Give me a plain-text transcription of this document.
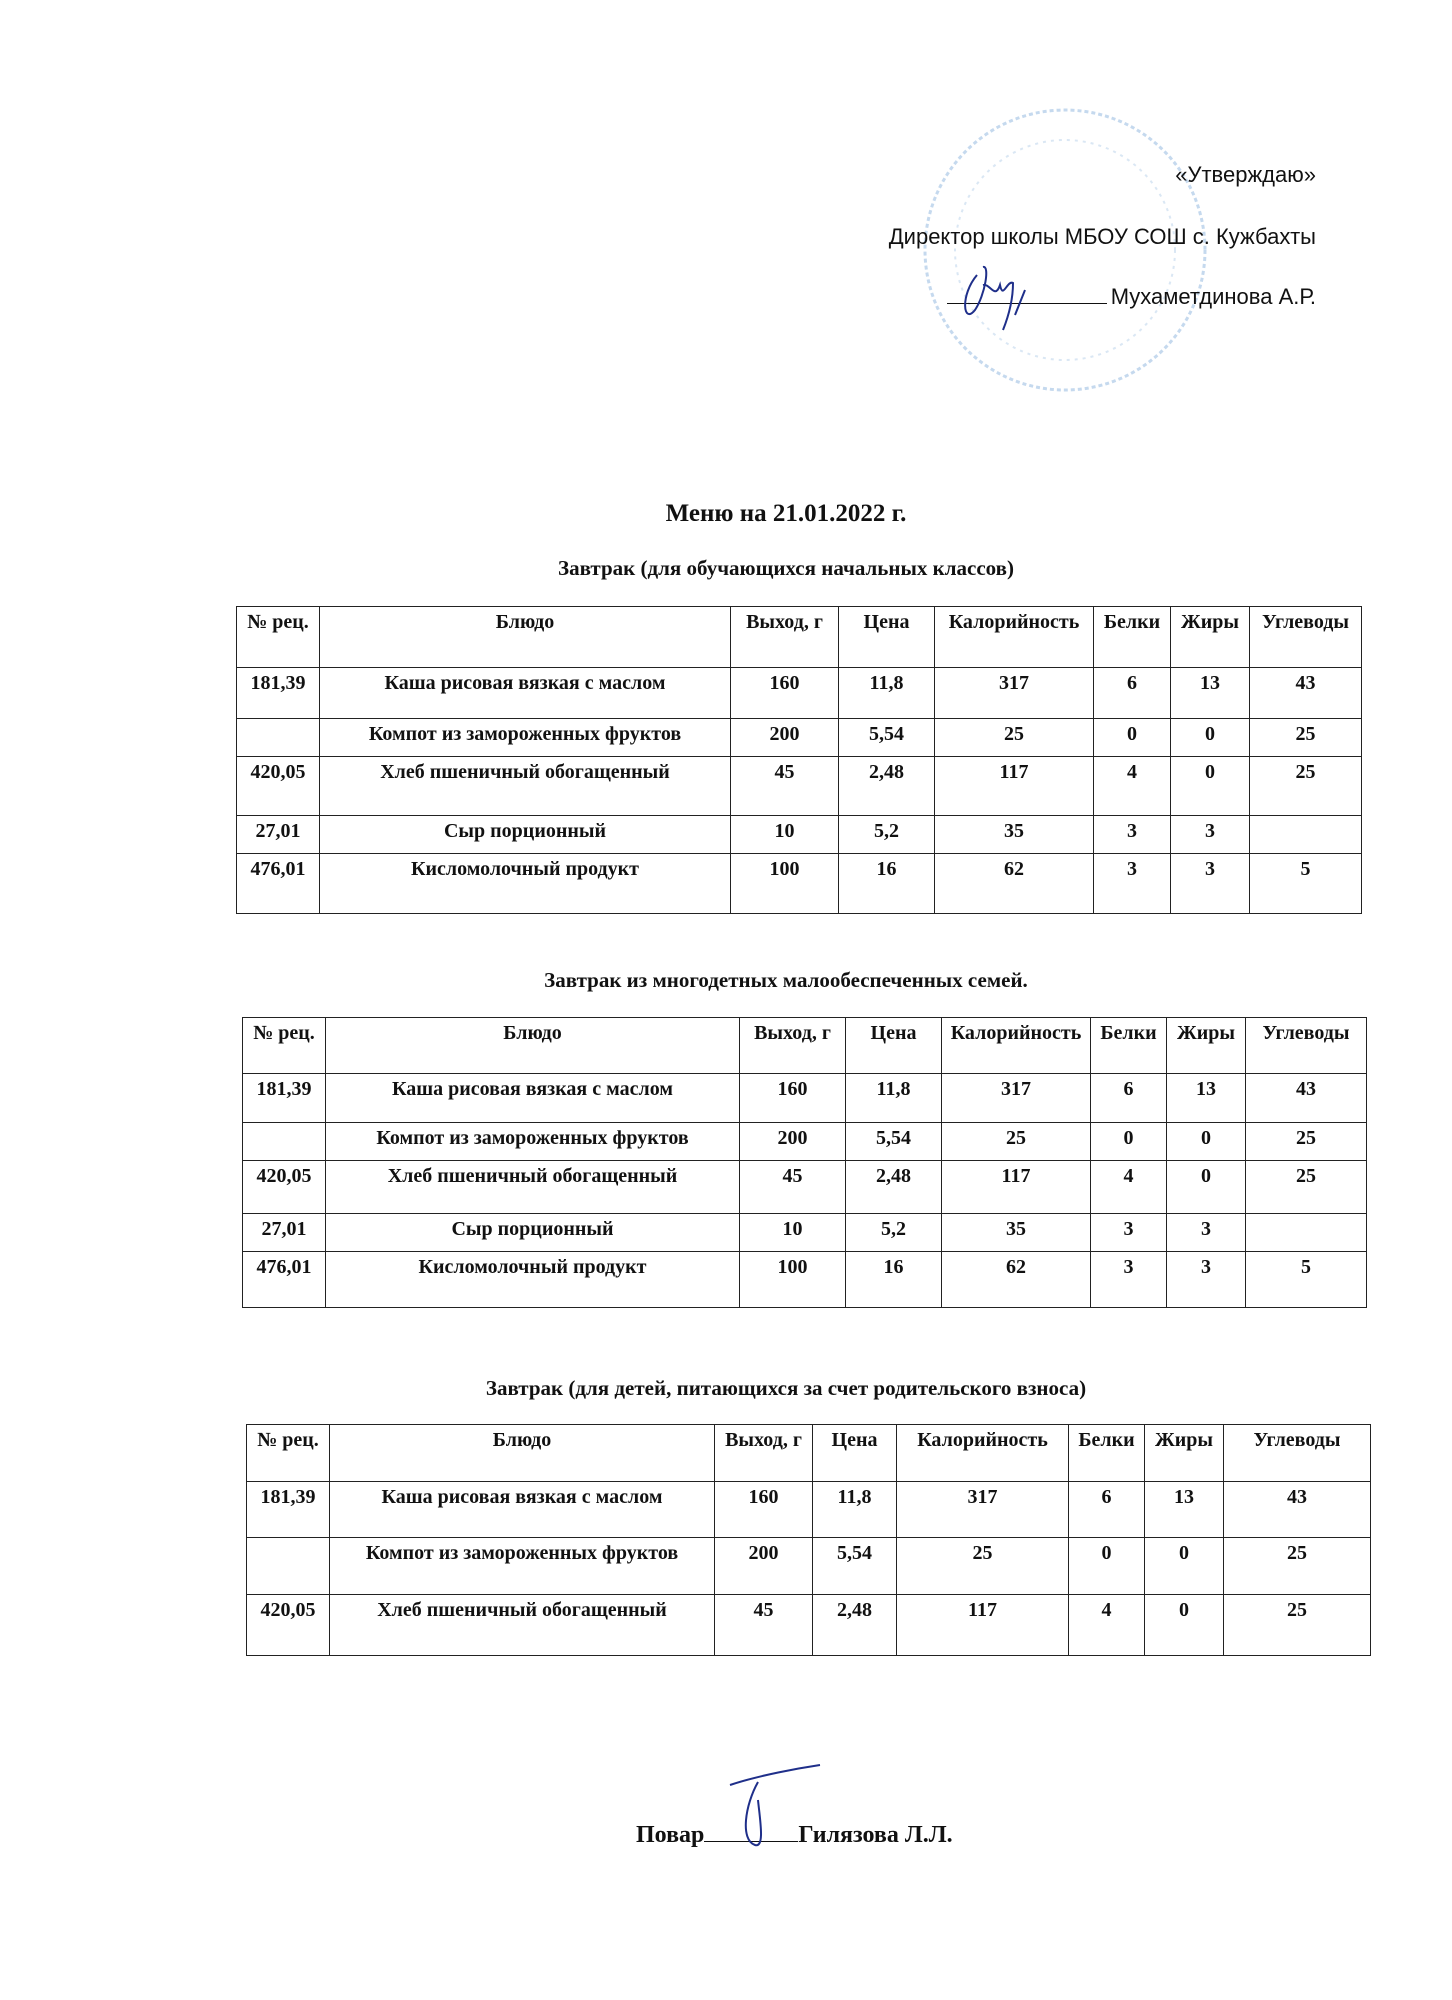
«Утверждаю»
Директор школы МБОУ СОШ с. Кужбахты
Мухаметдинова А.Р.
Меню на 21.01.2022 г.
Завтрак (для обучающихся начальных классов)
№ рец.	Блюдо	Выход, г	Цена	Калорийность	Белки	Жиры	Углеводы
181,39	Каша рисовая вязкая с маслом	160	11,8	317	6	13	43
	Компот из замороженных фруктов	200	5,54	25	0	0	25
420,05	Хлеб пшеничный обогащенный	45	2,48	117	4	0	25
27,01	Сыр порционный	10	5,2	35	3	3	
476,01	Кисломолочный продукт	100	16	62	3	3	5
Завтрак из многодетных малообеспеченных семей.
№ рец.	Блюдо	Выход, г	Цена	Калорийность	Белки	Жиры	Углеводы
181,39	Каша рисовая вязкая с маслом	160	11,8	317	6	13	43
	Компот из замороженных фруктов	200	5,54	25	0	0	25
420,05	Хлеб пшеничный обогащенный	45	2,48	117	4	0	25
27,01	Сыр порционный	10	5,2	35	3	3	
476,01	Кисломолочный продукт	100	16	62	3	3	5
Завтрак (для детей, питающихся за счет родительского взноса)
№ рец.	Блюдо	Выход, г	Цена	Калорийность	Белки	Жиры	Углеводы
181,39	Каша рисовая вязкая с маслом	160	11,8	317	6	13	43
	Компот из замороженных фруктов	200	5,54	25	0	0	25
420,05	Хлеб пшеничный обогащенный	45	2,48	117	4	0	25
Повар	Гилязова Л.Л.
